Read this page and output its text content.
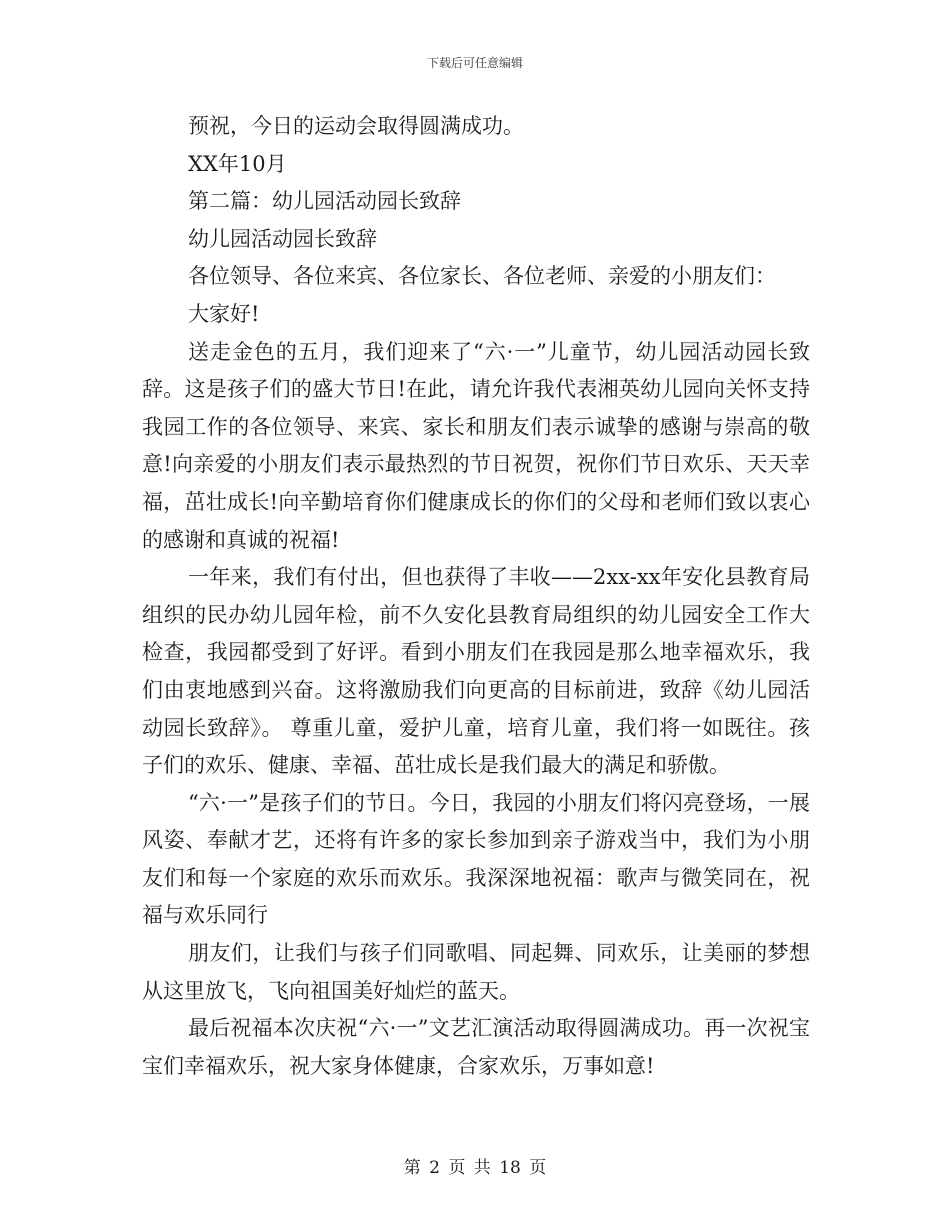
下载后可任意编辑
预祝，今日的运动会取得圆满成功。
XX年10月
第二篇：幼儿园活动园长致辞
幼儿园活动园长致辞
各位领导、各位来宾、各位家长、各位老师、亲爱的小朋友们：
大家好!
送走金色的五月，我们迎来了“六·一”儿童节，幼儿园活动园长致辞。这是孩子们的盛大节日!在此，请允许我代表湘英幼儿园向关怀支持我园工作的各位领导、来宾、家长和朋友们表示诚挚的感谢与崇高的敬意!向亲爱的小朋友们表示最热烈的节日祝贺，祝你们节日欢乐、天天幸福，茁壮成长!向辛勤培育你们健康成长的你们的父母和老师们致以衷心的感谢和真诚的祝福!
一年来，我们有付出，但也获得了丰收——2xx-xx年安化县教育局组织的民办幼儿园年检，前不久安化县教育局组织的幼儿园安全工作大检查，我园都受到了好评。看到小朋友们在我园是那么地幸福欢乐，我们由衷地感到兴奋。这将激励我们向更高的目标前进，致辞《幼儿园活动园长致辞》。 尊重儿童，爱护儿童，培育儿童，我们将一如既往。孩子们的欢乐、健康、幸福、茁壮成长是我们最大的满足和骄傲。
“六·一”是孩子们的节日。今日，我园的小朋友们将闪亮登场，一展风姿、奉献才艺，还将有许多的家长参加到亲子游戏当中，我们为小朋友们和每一个家庭的欢乐而欢乐。我深深地祝福：歌声与微笑同在，祝福与欢乐同行
朋友们，让我们与孩子们同歌唱、同起舞、同欢乐，让美丽的梦想从这里放飞，飞向祖国美好灿烂的蓝天。
最后祝福本次庆祝“六·一”文艺汇演活动取得圆满成功。再一次祝宝宝们幸福欢乐，祝大家身体健康，合家欢乐，万事如意!
第 2 页 共 18 页
